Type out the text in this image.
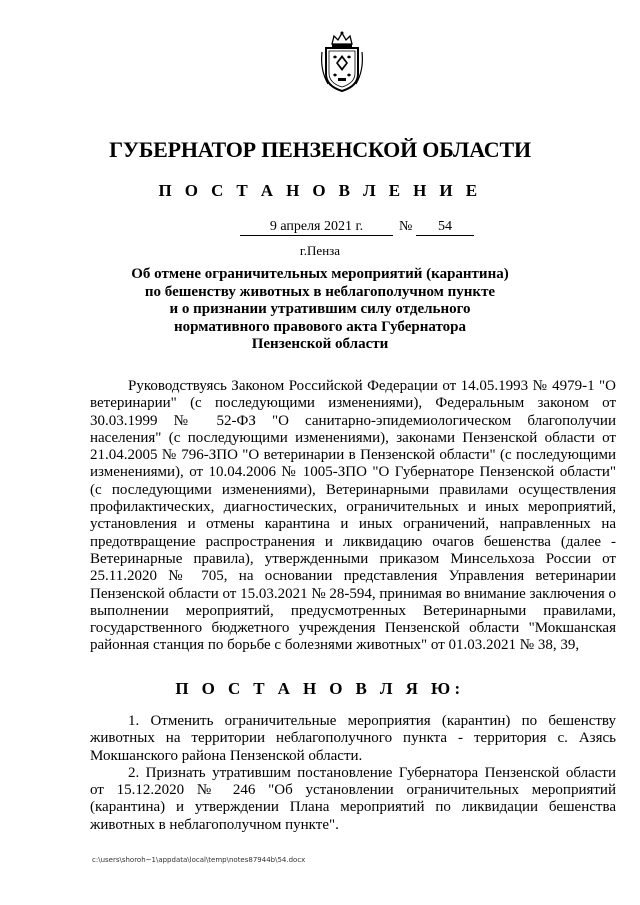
ГУБЕРНАТОР ПЕНЗЕНСКОЙ ОБЛАСТИ
П О С Т А Н О В Л Е Н И Е
9 апреля 2021 г.	№	54
г.Пенза
Об отмене ограничительных мероприятий (карантина)
по бешенству животных в неблагополучном пункте
и о признании утратившим силу отдельного
нормативного правового акта Губернатора
Пензенской области

Руководствуясь Законом Российской Федерации от 14.05.1993 № 4979-1 "О ветеринарии" (с последующими изменениями), Федеральным законом от 30.03.1999 № 52-ФЗ "О санитарно-эпидемиологическом благополучии населения" (с последующими изменениями), законами Пензенской области от 21.04.2005 № 796-ЗПО "О ветеринарии в Пензенской области" (с последующими изменениями), от 10.04.2006 № 1005-ЗПО "О Губернаторе Пензенской области" (с последующими изменениями), Ветеринарными правилами осуществления профилактических, диагностических, ограничительных и иных мероприятий, установления и отмены карантина и иных ограничений, направленных на предотвращение распространения и ликвидацию очагов бешенства (далее - Ветеринарные правила), утвержденными приказом Минсельхоза России от 25.11.2020 № 705, на основании представления Управления ветеринарии Пензенской области от 15.03.2021 № 28-594, принимая во внимание заключения о выполнении мероприятий, предусмотренных Ветеринарными правилами, государственного бюджетного учреждения Пензенской области "Мокшанская районная станция по борьбе с болезнями животных" от 01.03.2021 № 38, 39,

П О С Т А Н О В Л Я Ю:

1. Отменить ограничительные мероприятия (карантин) по бешенству животных на территории неблагополучного пункта - территория с. Азясь Мокшанского района Пензенской области.

2. Признать утратившим постановление Губернатора Пензенской области от 15.12.2020 № 246 "Об установлении ограничительных мероприятий (карантина) и утверждении Плана мероприятий по ликвидации бешенства животных в неблагополучном пункте".

c:\users\shoroh~1\appdata\local\temp\notes87944b\54.docx
